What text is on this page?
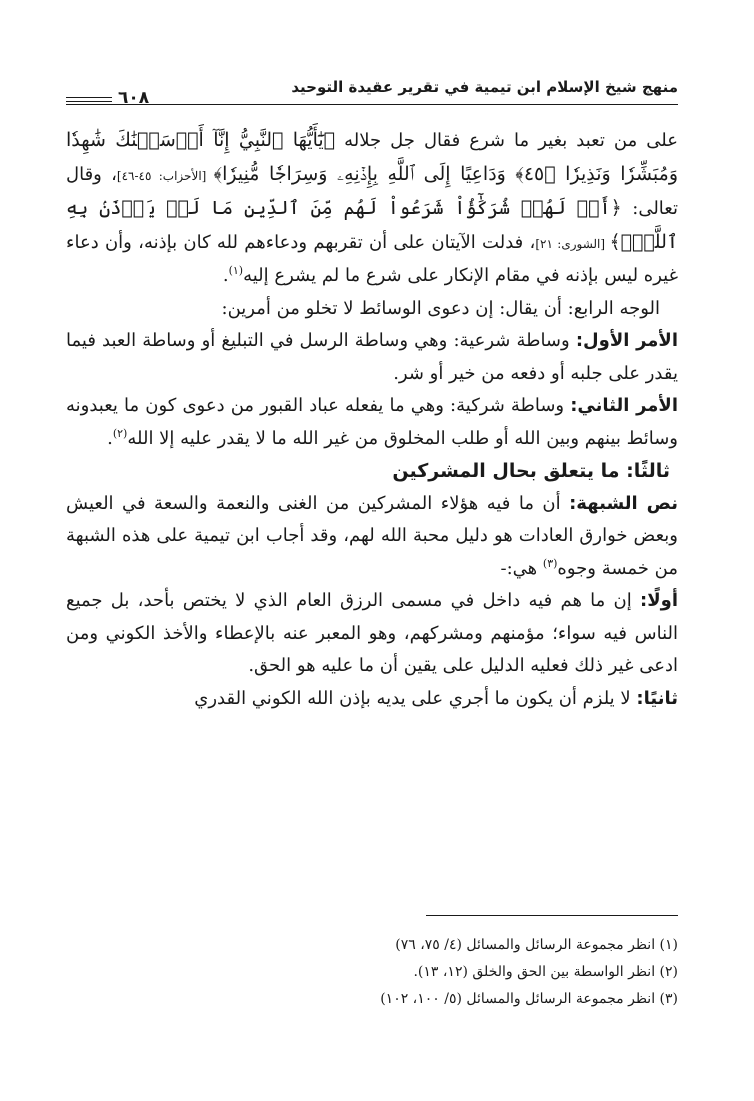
منهج شيخ الإسلام ابن تيمية في تقرير عقيدة التوحيد
٦٠٨

على من تعبد بغير ما شرع فقال جل جلاله ﴿يَٰٓأَيُّهَا ٱلنَّبِيُّ إِنَّآ أَرۡسَلۡنَٰكَ شَٰهِدٗا وَمُبَشِّرٗا وَنَذِيرٗا ﴿٤٥﴾ وَدَاعِيًا إِلَى ٱللَّهِ بِإِذۡنِهِۦ وَسِرَاجٗا مُّنِيرٗا﴾ [الأحزاب: ٤٥-٤٦]، وقال تعالى: ﴿أَمۡ لَهُمۡ شُرَكَٰٓؤُاْ شَرَعُواْ لَهُم مِّنَ ٱلدِّينِ مَا لَمۡ يَأۡذَنۢ بِهِ ٱللَّهُۚ﴾ [الشورى: ٢١]، فدلت الآيتان على أن تقربهم ودعاءهم لله كان بإذنه، وأن دعاء غيره ليس بإذنه في مقام الإنكار على شرع ما لم يشرع إليه$^{(١)}$.

الوجه الرابع: أن يقال: إن دعوى الوسائط لا تخلو من أمرين:

الأمر الأول: وساطة شرعية: وهي وساطة الرسل في التبليغ أو وساطة العبد فيما يقدر على جلبه أو دفعه من خير أو شر.

الأمر الثاني: وساطة شركية: وهي ما يفعله عباد القبور من دعوى كون ما يعبدونه وسائط بينهم وبين الله أو طلب المخلوق من غير الله ما لا يقدر عليه إلا الله$^{(٢)}$.

ثالثًا: ما يتعلق بحال المشركين

نص الشبهة: أن ما فيه هؤلاء المشركين من الغنى والنعمة والسعة في العيش وبعض خوارق العادات هو دليل محبة الله لهم، وقد أجاب ابن تيمية على هذه الشبهة من خمسة وجوه$^{(٣)}$ هي:-

أولًا: إن ما هم فيه داخل في مسمى الرزق العام الذي لا يختص بأحد، بل جميع الناس فيه سواء؛ مؤمنهم ومشركهم، وهو المعبر عنه بالإعطاء والأخذ الكوني ومن ادعى غير ذلك فعليه الدليل على يقين أن ما عليه هو الحق.

ثانيًا: لا يلزم أن يكون ما أجري على يديه بإذن الله الكوني القدري

(١) انظر مجموعة الرسائل والمسائل (٤/ ٧٥، ٧٦)
(٢) انظر الواسطة بين الحق والخلق (١٢، ١٣).
(٣) انظر مجموعة الرسائل والمسائل (٥/ ١٠٠، ١٠٢)
